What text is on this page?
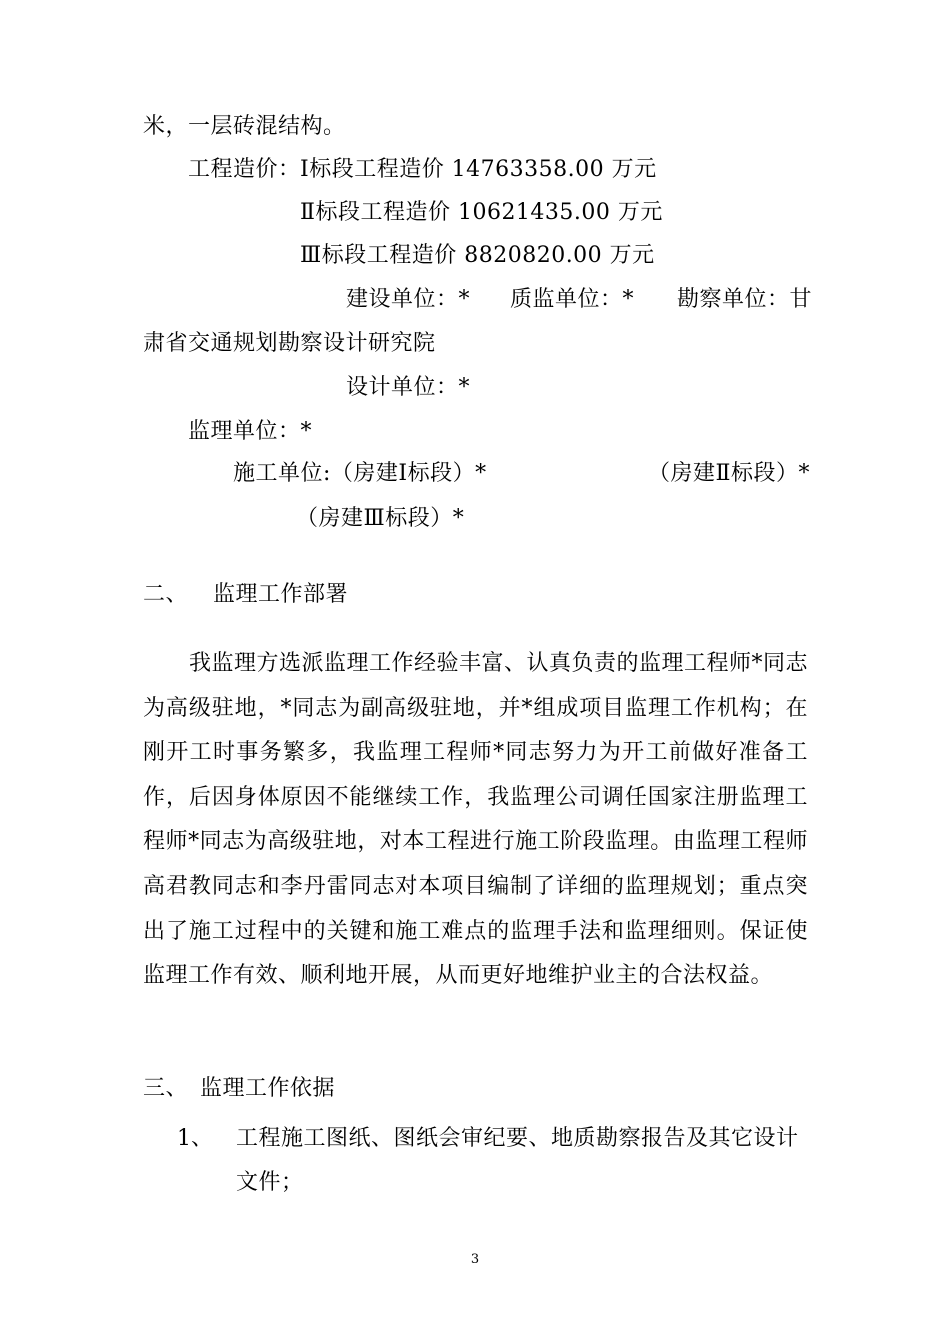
米，一层砖混结构。
工程造价： Ⅰ标段工程造价 14763358.00 万元
Ⅱ标段工程造价 10621435.00 万元
Ⅲ标段工程造价 8820820.00 万元
建设单位：* 质监单位：* 勘察单位：甘
肃省交通规划勘察设计研究院
设计单位：*
监理单位：*
施工单位:（房建Ⅰ标段）*	（房建Ⅱ标段）*
（房建Ⅲ标段）*
二、 监理工作部署
我监理方选派监理工作经验丰富、认真负责的监理工程师*同志为高级驻地，*同志为副高级驻地，并*组成项目监理工作机构；在刚开工时事务繁多，我监理工程师*同志努力为开工前做好准备工作，后因身体原因不能继续工作，我监理公司调任国家注册监理工程师*同志为高级驻地，对本工程进行施工阶段监理。由监理工程师高君教同志和李丹雷同志对本项目编制了详细的监理规划；重点突出了施工过程中的关键和施工难点的监理手法和监理细则。保证使监理工作有效、顺利地开展，从而更好地维护业主的合法权益。
三、 监理工作依据
1、 工程施工图纸、图纸会审纪要、地质勘察报告及其它设计文件；
3
